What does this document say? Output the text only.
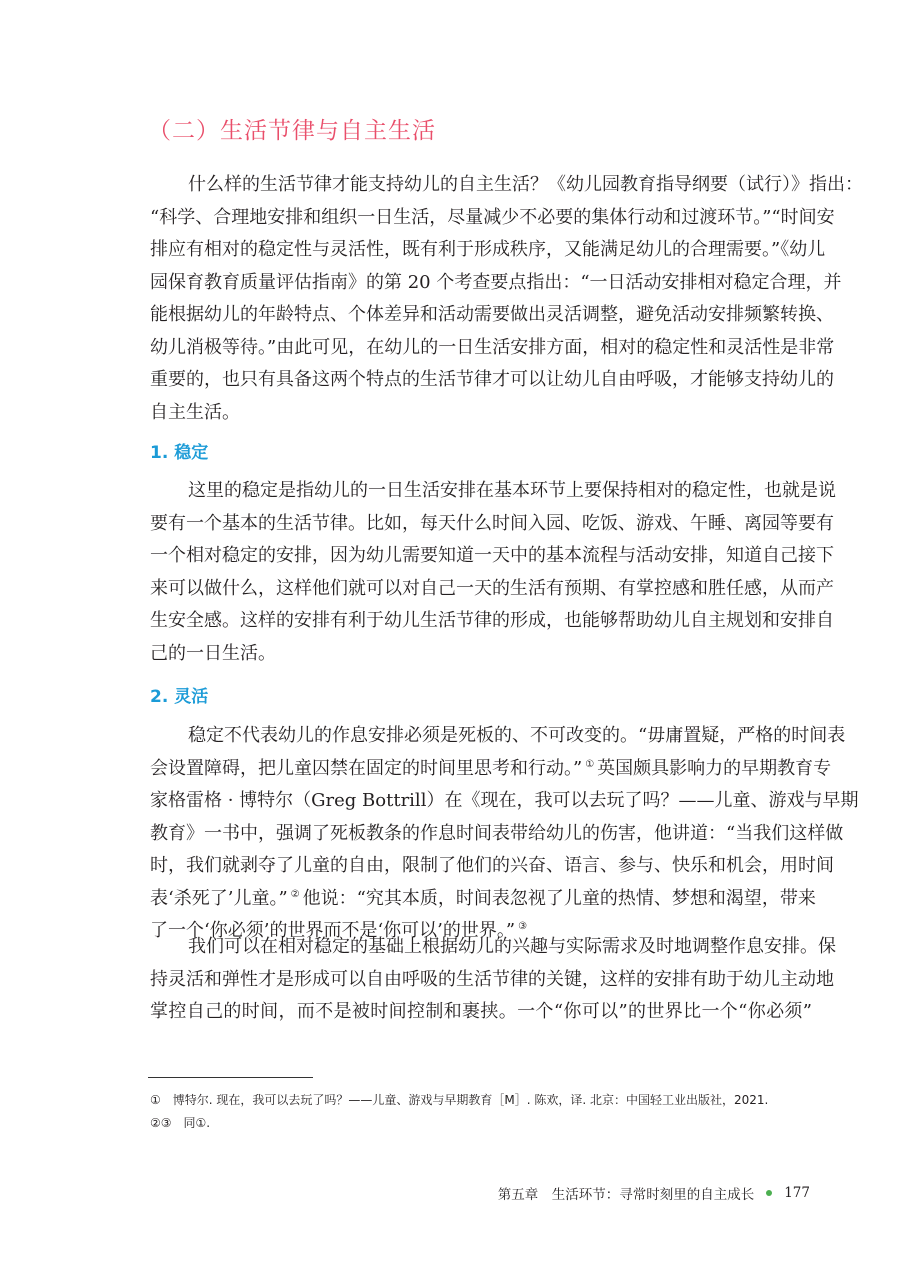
（二）生活节律与自主生活
什么样的生活节律才能支持幼儿的自主生活？《幼儿园教育指导纲要（试行）》指出：
“科学、合理地安排和组织一日生活，尽量减少不必要的集体行动和过渡环节。”“时间安
排应有相对的稳定性与灵活性，既有利于形成秩序，又能满足幼儿的合理需要。”《幼儿
园保育教育质量评估指南》的第 20 个考查要点指出：“一日活动安排相对稳定合理，并
能根据幼儿的年龄特点、个体差异和活动需要做出灵活调整，避免活动安排频繁转换、
幼儿消极等待。”由此可见，在幼儿的一日生活安排方面，相对的稳定性和灵活性是非常
重要的，也只有具备这两个特点的生活节律才可以让幼儿自由呼吸，才能够支持幼儿的
自主生活。
1. 稳定
这里的稳定是指幼儿的一日生活安排在基本环节上要保持相对的稳定性，也就是说
要有一个基本的生活节律。比如，每天什么时间入园、吃饭、游戏、午睡、离园等要有
一个相对稳定的安排，因为幼儿需要知道一天中的基本流程与活动安排，知道自己接下
来可以做什么，这样他们就可以对自己一天的生活有预期、有掌控感和胜任感，从而产
生安全感。这样的安排有利于幼儿生活节律的形成，也能够帮助幼儿自主规划和安排自
己的一日生活。
2. 灵活
稳定不代表幼儿的作息安排必须是死板的、不可改变的。“毋庸置疑，严格的时间表
会设置障碍，把儿童囚禁在固定的时间里思考和行动。” ① 英国颇具影响力的早期教育专
家格雷格 · 博特尔（Greg Bottrill）在《现在，我可以去玩了吗？——儿童、游戏与早期
教育》一书中，强调了死板教条的作息时间表带给幼儿的伤害，他讲道：“当我们这样做
时，我们就剥夺了儿童的自由，限制了他们的兴奋、语言、参与、快乐和机会，用时间
表‘杀死了’儿童。” ② 他说：“究其本质，时间表忽视了儿童的热情、梦想和渴望，带来
了一个‘你必须’的世界而不是‘你可以’的世界。” ③
我们可以在相对稳定的基础上根据幼儿的兴趣与实际需求及时地调整作息安排。保
持灵活和弹性才是形成可以自由呼吸的生活节律的关键，这样的安排有助于幼儿主动地
掌控自己的时间，而不是被时间控制和裹挟。一个“你可以”的世界比一个“你必须”
①　博特尔. 现在，我可以去玩了吗？——儿童、游戏与早期教育［M］. 陈欢，译. 北京：中国轻工业出版社，2021.
②③　同①.
第五章　生活环节：寻常时刻里的自主成长 177
